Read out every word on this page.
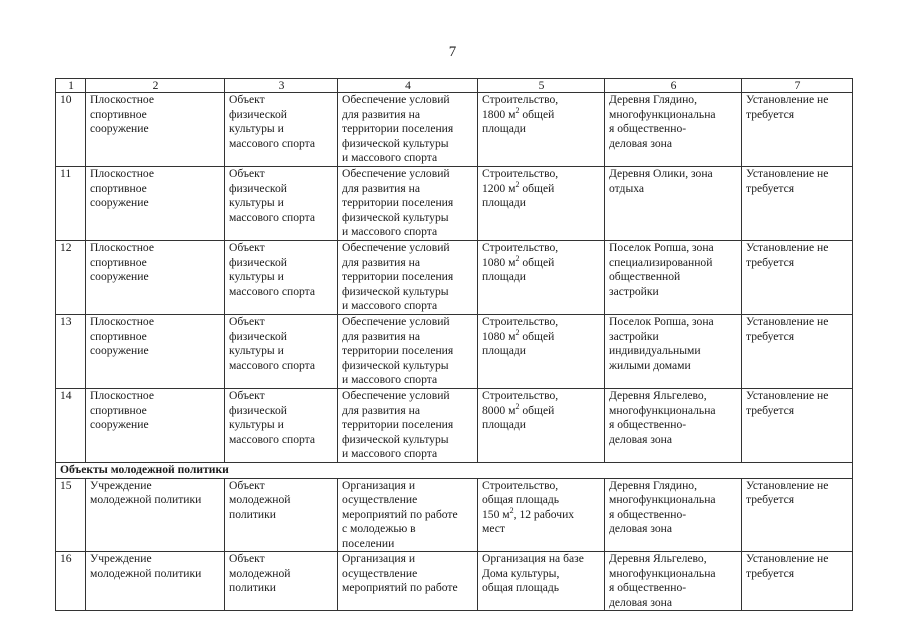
7
1	2	3	4	5	6	7
10	Плоскостное
спортивное
сооружение	Объект
физической
культуры и
массового спорта	Обеспечение условий
для развития на
территории поселения
физической культуры
и массового спорта	Строительство,
1800 $м^2$ общей
площади	Деревня Глядино,
многофункциональна
я общественно-
деловая зона	Установление не
требуется
11	Плоскостное
спортивное
сооружение	Объект
физической
культуры и
массового спорта	Обеспечение условий
для развития на
территории поселения
физической культуры
и массового спорта	Строительство,
1200 $м^2$ общей
площади	Деревня Олики, зона
отдыха	Установление не
требуется
12	Плоскостное
спортивное
сооружение	Объект
физической
культуры и
массового спорта	Обеспечение условий
для развития на
территории поселения
физической культуры
и массового спорта	Строительство,
1080 $м^2$ общей
площади	Поселок Ропша, зона
специализированной
общественной
застройки	Установление не
требуется
13	Плоскостное
спортивное
сооружение	Объект
физической
культуры и
массового спорта	Обеспечение условий
для развития на
территории поселения
физической культуры
и массового спорта	Строительство,
1080 $м^2$ общей
площади	Поселок Ропша, зона
застройки
индивидуальными
жилыми домами	Установление не
требуется
14	Плоскостное
спортивное
сооружение	Объект
физической
культуры и
массового спорта	Обеспечение условий
для развития на
территории поселения
физической культуры
и массового спорта	Строительство,
8000 $м^2$ общей
площади	Деревня Яльгелево,
многофункциональна
я общественно-
деловая зона	Установление не
требуется
Объекты молодежной политики						
15	Учреждение
молодежной политики	Объект
молодежной
политики	Организация и
осуществление
мероприятий по работе
с молодежью в
поселении	Строительство,
общая площадь
150 $м^2$, 12 рабочих
мест	Деревня Глядино,
многофункциональна
я общественно-
деловая зона	Установление не
требуется
16	Учреждение
молодежной политики	Объект
молодежной
политики	Организация и
осуществление
мероприятий по работе	Организация на базе
Дома культуры,
общая площадь	Деревня Яльгелево,
многофункциональна
я общественно-
деловая зона	Установление не
требуется
